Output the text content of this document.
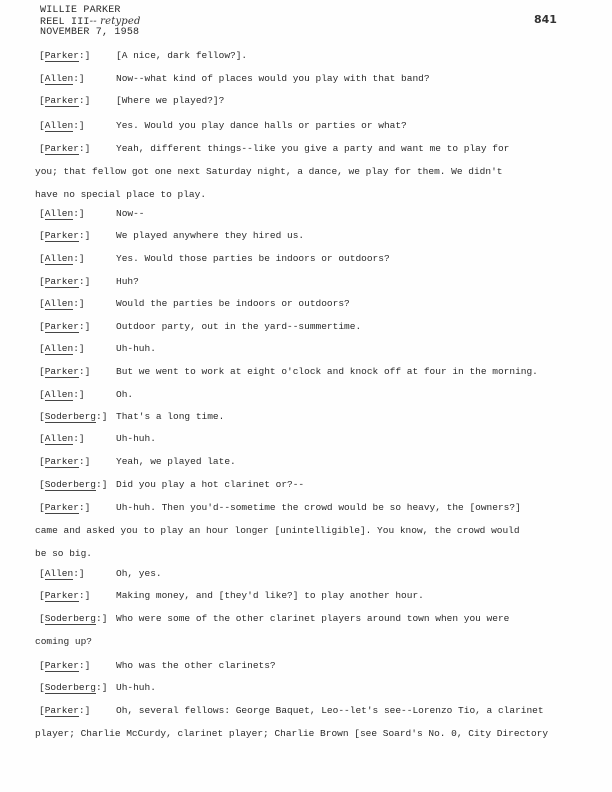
WILLIE PARKER
REEL III-- retyped
NOVEMBER 7, 1958
841
[Parker:]	[A nice, dark fellow?].
[Allen:]	Now--what kind of places would you play with that band?
[Parker:]	[Where we played?]?
[Allen:]	Yes. Would you play dance halls or parties or what?
[Parker:]	Yeah, different things--like you give a party and want me to play for
you; that fellow got one next Saturday night, a dance, we play for them. We didn't
have no special place to play.
[Allen:]	Now--
[Parker:]	We played anywhere they hired us.
[Allen:]	Yes. Would those parties be indoors or outdoors?
[Parker:]	Huh?
[Allen:]	Would the parties be indoors or outdoors?
[Parker:]	Outdoor party, out in the yard--summertime.
[Allen:]	Uh-huh.
[Parker:]	But we went to work at eight o'clock and knock off at four in the morning.
[Allen:]	Oh.
[Soderberg:] That's a long time.
[Allen:]	Uh-huh.
[Parker:]	Yeah, we played late.
[Soderberg:] Did you play a hot clarinet or?--
[Parker:]	Uh-huh. Then you'd--sometime the crowd would be so heavy, the [owners?]
came and asked you to play an hour longer [unintelligible]. You know, the crowd would
be so big.
[Allen:]	Oh, yes.
[Parker:]	Making money, and [they'd like?] to play another hour.
[Soderberg:] Who were some of the other clarinet players around town when you were
coming up?
[Parker:]	Who was the other clarinets?
[Soderberg:] Uh-huh.
[Parker:]	Oh, several fellows: George Baquet, Leo--let's see--Lorenzo Tio, a clarinet
player; Charlie McCurdy, clarinet player; Charlie Brown [see Soard's No. 0, City Directory
